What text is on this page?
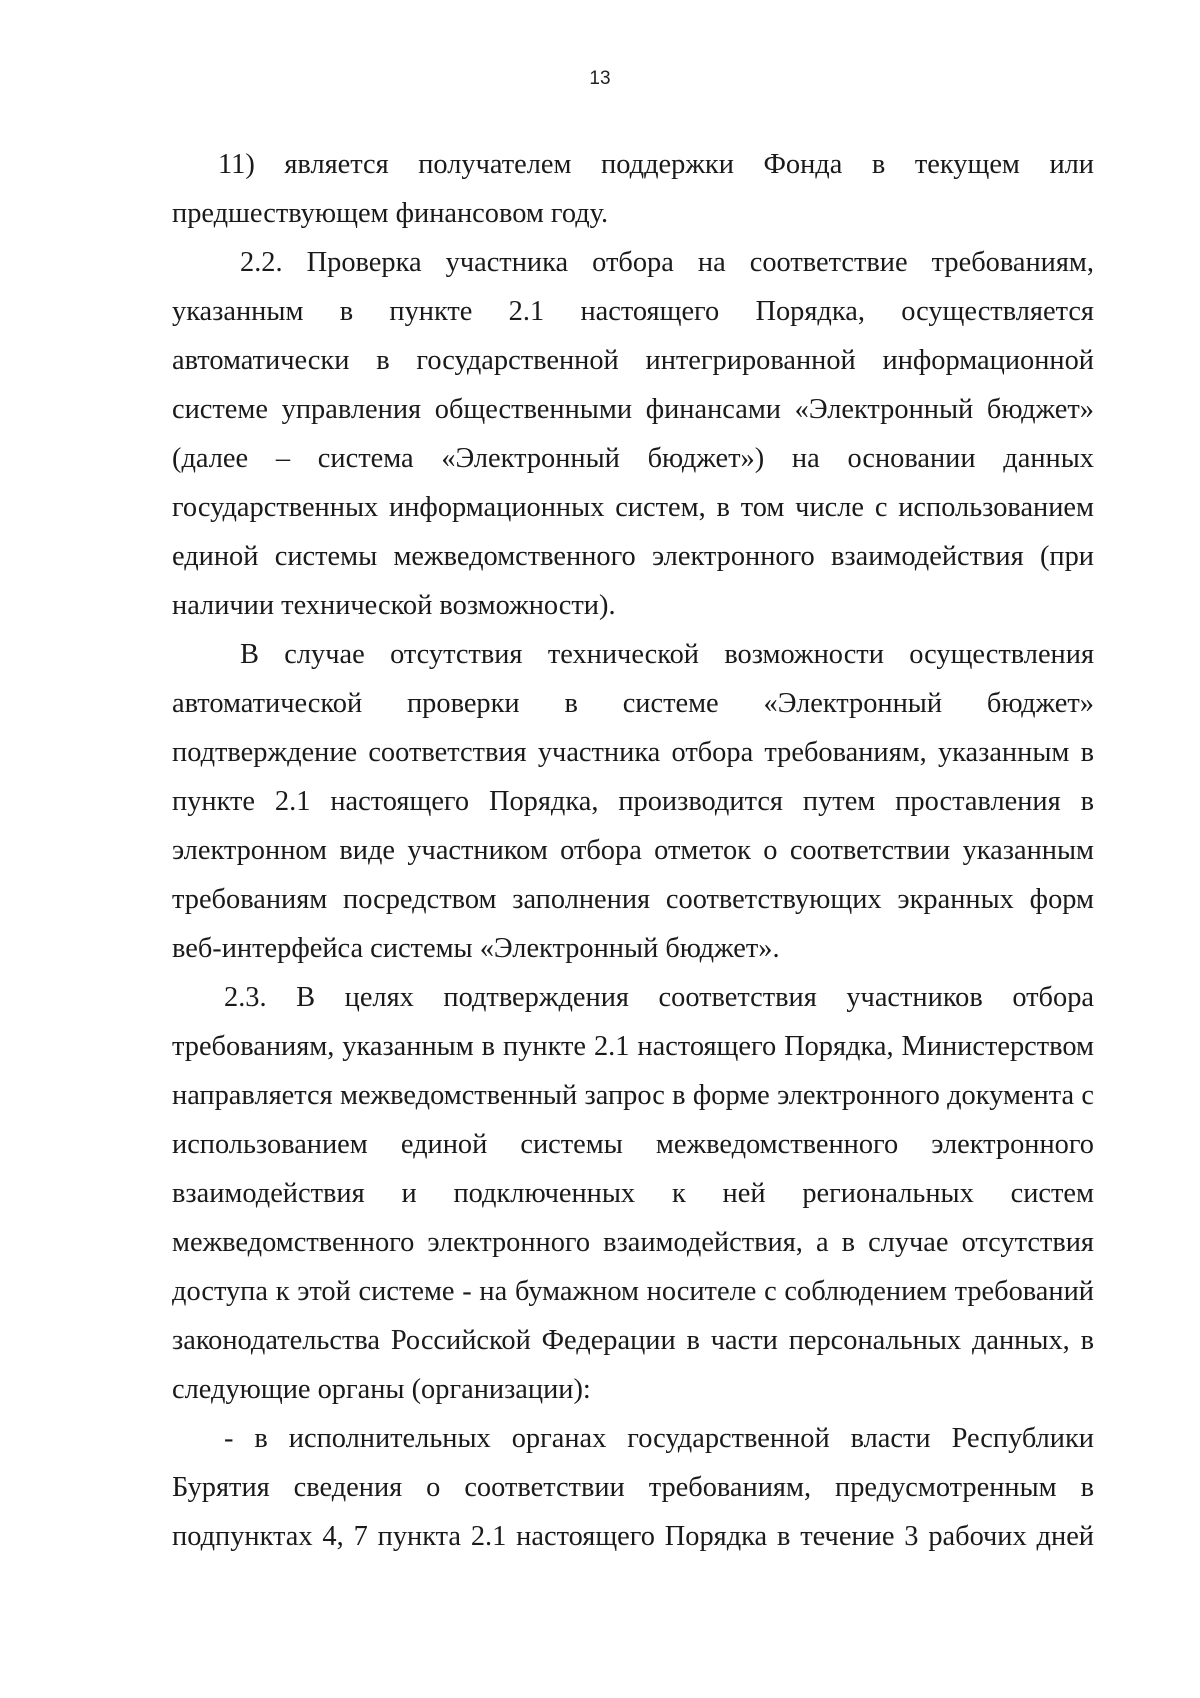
13

11) является получателем поддержки Фонда в текущем или предшествующем финансовом году.

2.2. Проверка участника отбора на соответствие требованиям, указанным в пункте 2.1 настоящего Порядка, осуществляется автоматически в государственной интегрированной информационной системе управления общественными финансами «Электронный бюджет» (далее – система «Электронный бюджет») на основании данных государственных информационных систем, в том числе с использованием единой системы межведомственного электронного взаимодействия (при наличии технической возможности).

В случае отсутствия технической возможности осуществления автоматической проверки в системе «Электронный бюджет» подтверждение соответствия участника отбора требованиям, указанным в пункте 2.1 настоящего Порядка, производится путем проставления в электронном виде участником отбора отметок о соответствии указанным требованиям посредством заполнения соответствующих экранных форм веб-интерфейса системы «Электронный бюджет».

2.3. В целях подтверждения соответствия участников отбора требованиям, указанным в пункте 2.1 настоящего Порядка, Министерством направляется межведомственный запрос в форме электронного документа с использованием единой системы межведомственного электронного взаимодействия и подключенных к ней региональных систем межведомственного электронного взаимодействия, а в случае отсутствия доступа к этой системе - на бумажном носителе с соблюдением требований законодательства Российской Федерации в части персональных данных, в следующие органы (организации):

- в исполнительных органах государственной власти Республики Бурятия сведения о соответствии требованиям, предусмотренным в подпунктах 4, 7 пункта 2.1 настоящего Порядка в течение 3 рабочих дней
